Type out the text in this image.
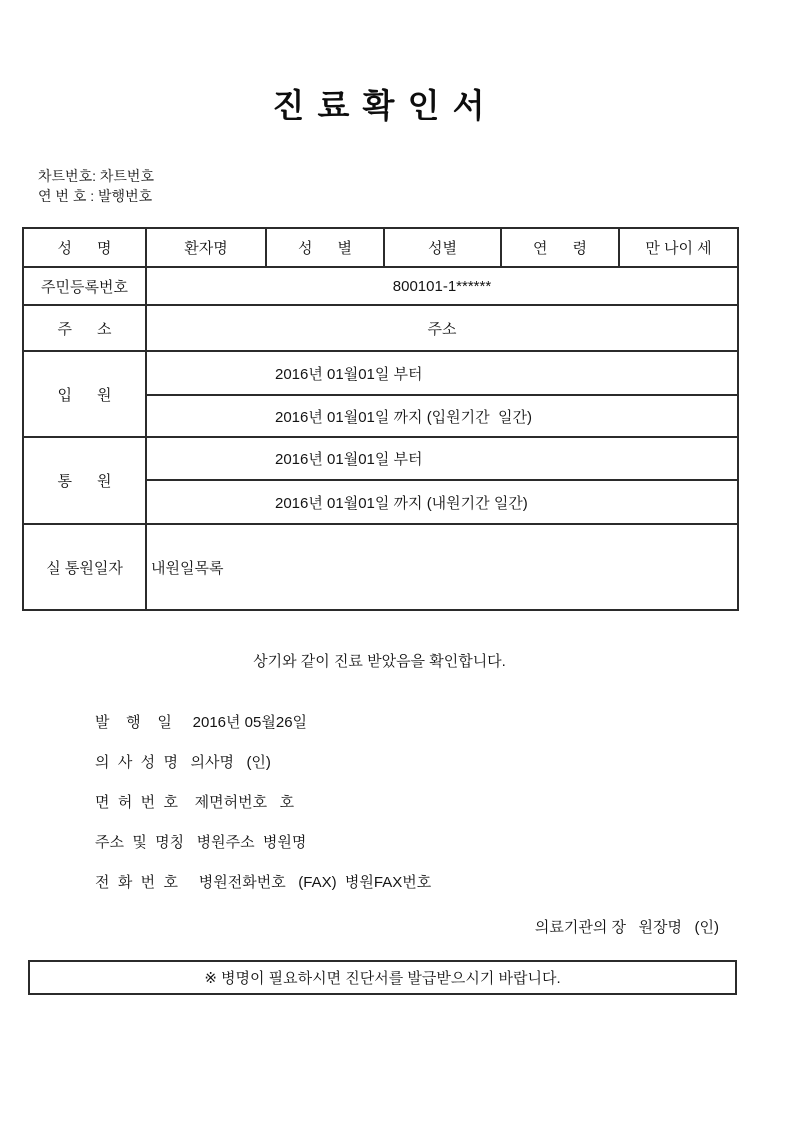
진 료 확 인 서
차트번호: 차트번호
연 번 호 : 발행번호
성      명	환자명	성      별	성별	연      령	만 나이 세
주민등록번호	800101-1******				
주      소	주소				
입      원	2016년 01월01일 부터				
	2016년 01월01일 까지 (입원기간  일간)				
통      원	2016년 01월01일 부터				
	2016년 01월01일 까지 (내원기간 일간)				
실 통원일자	내원일목록				
상기와 같이 진료 받았음을 확인합니다.
발    행    일     2016년 05월26일
의  사  성  명   의사명   (인)
면  허  번  호    제면허번호   호
주소  및  명칭   병원주소  병원명
전  화  번  호     병원전화번호   (FAX)  병원FAX번호
의료기관의 장   원장명   (인)
※ 병명이 필요하시면 진단서를 발급받으시기 바랍니다.
